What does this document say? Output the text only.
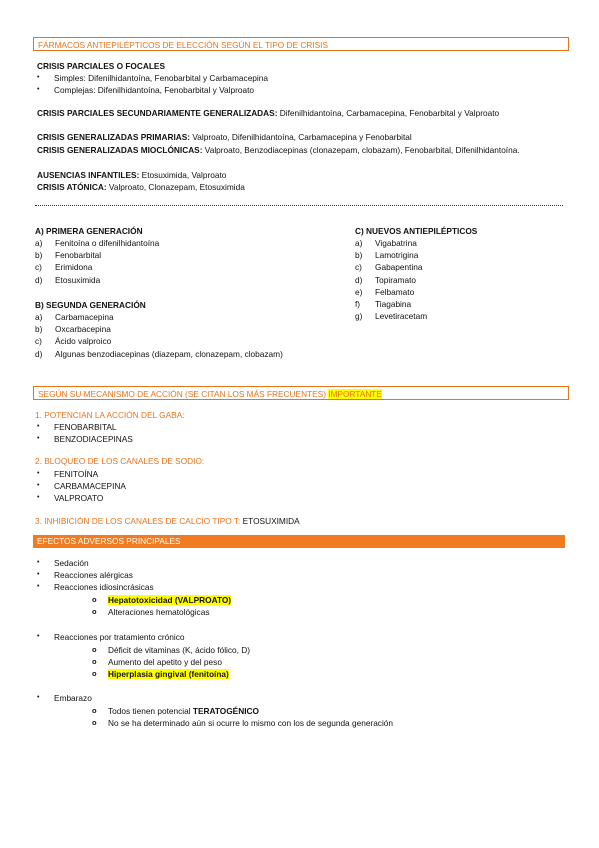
FÁRMACOS ANTIEPILÉPTICOS DE ELECCIÓN SEGÚN EL TIPO DE CRISIS
CRISIS PARCIALES O FOCALES
• Simples: Difenilhidantoína, Fenobarbital y Carbamacepina
• Complejas: Difenilhidantoína, Fenobarbital y Valproato
CRISIS PARCIALES SECUNDARIAMENTE GENERALIZADAS: Difenilhidantoína, Carbamacepina, Fenobarbital y Valproato
CRISIS GENERALIZADAS PRIMARIAS: Valproato, Difenilhidantoína, Carbamacepina y Fenobarbital
CRISIS GENERALIZADAS MIOCLÓNICAS: Valproato, Benzodiacepinas (clonazepam, clobazam), Fenobarbital, Difenilhidantoína.
AUSENCIAS INFANTILES: Etosuximida, Valproato
CRISIS ATÓNICA: Valproato, Clonazepam, Etosuximida
A) PRIMERA GENERACIÓN
a) Fenitoína o difenilhidantoína
b) Fenobarbital
c) Erimidona
d) Etosuximida
B) SEGUNDA GENERACIÓN
a) Carbamacepina
b) Oxcarbacepina
c) Ácido valproico
d) Algunas benzodiacepinas (diazepam, clonazepam, clobazam)
C) NUEVOS ANTIEPILÉPTICOS
a) Vigabatrina
b) Lamotrigina
c) Gabapentina
d) Topiramato
e) Felbamato
f) Tiagabina
g) Levetiracetam
SEGÚN SU MECANISMO DE ACCIÓN (SE CITAN LOS MÁS FRECUENTES) IMPORTANTE
1. POTENCIAN LA ACCIÓN DEL GABA:
• FENOBARBITAL
• BENZODIACEPINAS
2. BLOQUEO DE LOS CANALES DE SODIO:
• FENITOÍNA
• CARBAMACEPINA
• VALPROATO
3. INHIBICIÓN DE LOS CANALES DE CALCIO TIPO T: ETOSUXIMIDA
EFECTOS ADVERSOS PRINCIPALES
• Sedación
• Reacciones alérgicas
• Reacciones idiosincrásicas
o Hepatotoxicidad (VALPROATO)
o Alteraciones hematológicas
• Reacciones por tratamiento crónico
o Déficit de vitaminas (K, ácido fólico, D)
o Aumento del apetito y del peso
o Hiperplasia gingival (fenitoína)
• Embarazo
o Todos tienen potencial TERATOGÉNICO
o No se ha determinado aún si ocurre lo mismo con los de segunda generación
